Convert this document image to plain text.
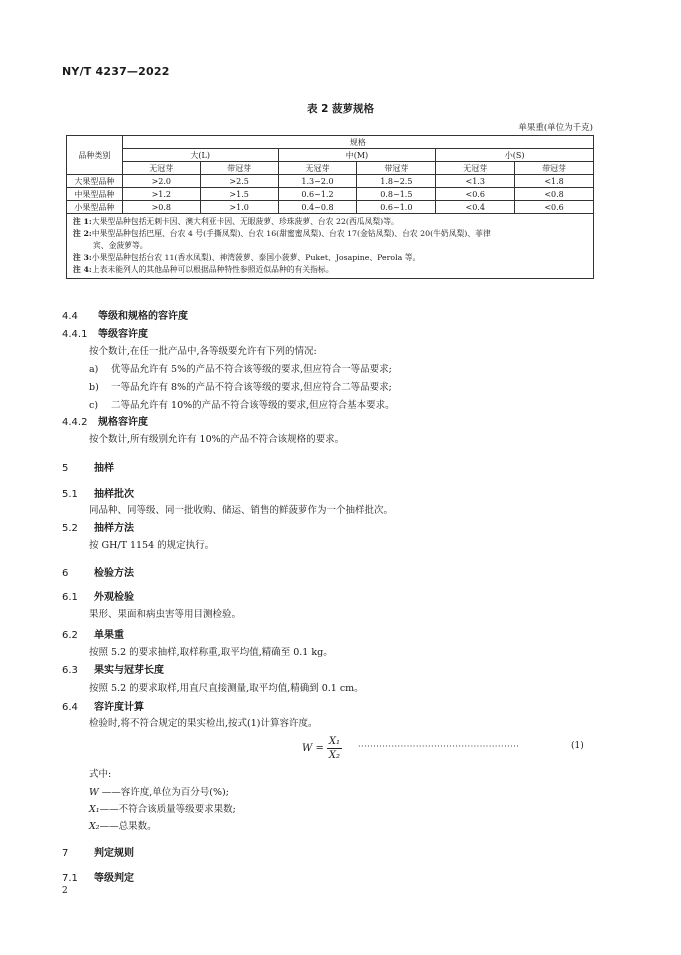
NY/T 4237—2022
表 2 菠萝规格
单果重(单位为千克)
品种类别	规格					
	大(L)		中(M)		小(S)	
	无冠芽	带冠芽	无冠芽	带冠芽	无冠芽	带冠芽
大果型品种	>2.0	>2.5	1.3~2.0	1.8~2.5	<1.3	<1.8
中果型品种	>1.2	>1.5	0.6~1.2	0.8~1.5	<0.6	<0.8
小果型品种	>0.8	>1.0	0.4~0.8	0.6~1.0	<0.4	<0.6

注 1:大果型品种包括无刺卡因、澳大利亚卡因、无眼菠萝、珍珠菠萝、台农 22(西瓜凤梨)等。
注 2:中果型品种包括巴厘、台农 4 号(手撕凤梨)、台农 16(甜蜜蜜凤梨)、台农 17(金钻凤梨)、台农 20(牛奶凤梨)、菲律
宾、金菠萝等。
注 3:小果型品种包括台农 11(香水凤梨)、神湾菠萝、泰国小菠萝、Puket、Josapine、Perola 等。
注 4:上表未能列人的其他品种可以根据品种特性参照近似品种的有关指标。						
4.4 等级和规格的容许度
4.4.1 等级容许度
按个数计,在任一批产品中,各等级要允许有下列的情况:
a) 优等品允许有 5%的产品不符合该等级的要求,但应符合一等品要求;
b) 一等品允许有 8%的产品不符合该等级的要求,但应符合二等品要求;
c) 二等品允许有 10%的产品不符合该等级的要求,但应符合基本要求。
4.4.2 规格容许度
按个数计,所有级别允许有 10%的产品不符合该规格的要求。
5	抽样
5.1 抽样批次
同品种、同等级、同一批收购、储运、销售的鲜菠萝作为一个抽样批次。
5.2 抽样方法
按 GH/T 1154 的规定执行。
6	检验方法
6.1 外观检验
果形、果面和病虫害等用目测检验。
6.2 单果重
按照 5.2 的要求抽样,取样称重,取平均值,精确至 0.1 kg。
6.3 果实与冠芽长度
按照 5.2 的要求取样,用直尺直接测量,取平均值,精确到 0.1 cm。
6.4 容许度计算
检验时,将不符合规定的果实检出,按式(1)计算容许度。
$W = \frac{\text{X₁}}{\text{X₂}}$ ·····················································	(1)
式中:
W ——容许度,单位为百分号(%);
X₁——不符合该质量等级要求果数;
X₂——总果数。
7	判定规则
7.1 等级判定
2
